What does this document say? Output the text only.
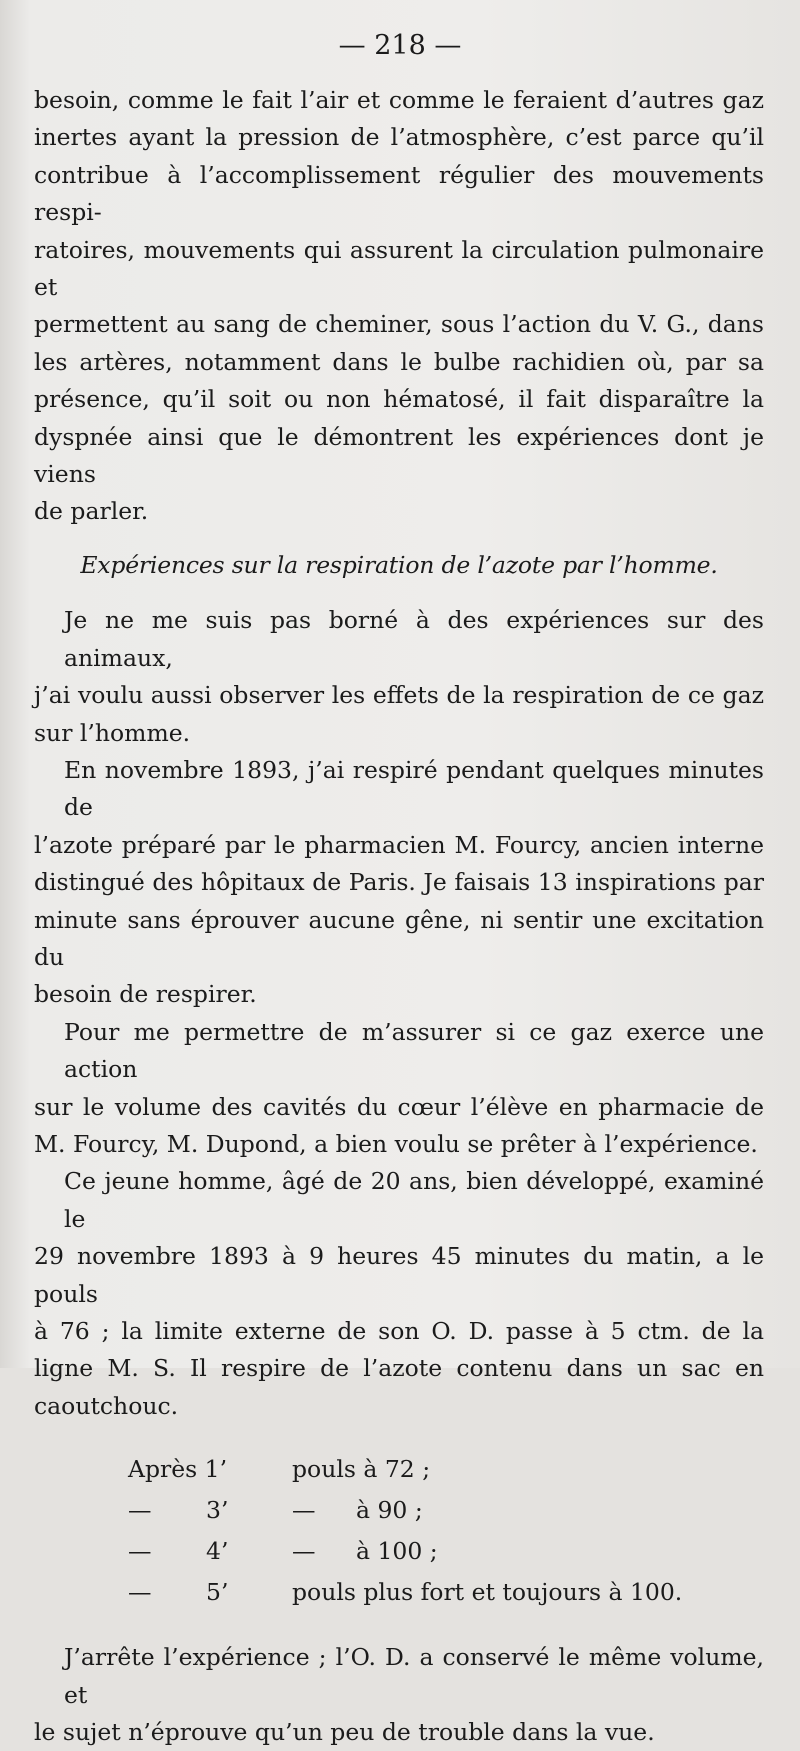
— 218 —

besoin, comme le fait l’air et comme le feraient d’autres gaz
inertes ayant la pression de l’atmosphère, c’est parce qu’il
contribue à l’accomplissement régulier des mouvements respi-
ratoires, mouvements qui assurent la circulation pulmonaire et
permettent au sang de cheminer, sous l’action du V. G., dans
les artères, notamment dans le bulbe rachidien où, par sa
présence, qu’il soit ou non hématosé, il fait disparaître la
dyspnée ainsi que le démontrent les expériences dont je viens
de parler.

Expériences sur la respiration de l’azote par l’homme.

Je ne me suis pas borné à des expériences sur des animaux,

j’ai voulu aussi observer les effets de la respiration de ce gaz
sur l’homme.

En novembre 1893, j’ai respiré pendant quelques minutes de

l’azote préparé par le pharmacien M. Fourcy, ancien interne
distingué des hôpitaux de Paris. Je faisais 13 inspirations par
minute sans éprouver aucune gêne, ni sentir une excitation du
besoin de respirer.

Pour me permettre de m’assurer si ce gaz exerce une action

sur le volume des cavités du cœur l’élève en pharmacie de
M. Fourcy, M. Dupond, a bien voulu se prêter à l’expérience.

Ce jeune homme, âgé de 20 ans, bien développé, examiné le

29 novembre 1893 à 9 heures 45 minutes du matin, a le pouls
à 76 ; la limite externe de son O. D. passe à 5 ctm. de la
ligne M. S. Il respire de l’azote contenu dans un sac en
caoutchouc.

Après 1’	pouls à 72 ;
—	3’	—	à 90 ;
—	4’	—	à 100 ;
—	5’	pouls plus fort et toujours à 100.

J’arrête l’expérience ; l’O. D. a conservé le même volume, et

le sujet n’éprouve qu’un peu de trouble dans la vue.
